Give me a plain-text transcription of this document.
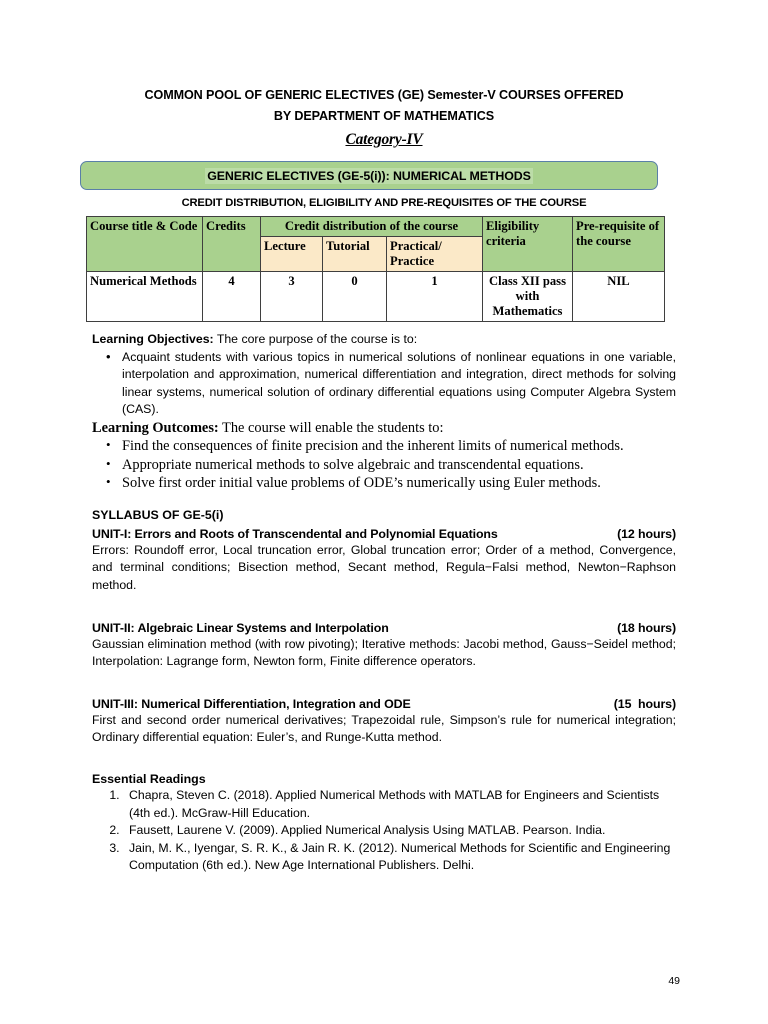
COMMON POOL OF GENERIC ELECTIVES (GE) Semester-V COURSES OFFERED
BY DEPARTMENT OF MATHEMATICS
Category-IV
GENERIC ELECTIVES (GE-5(i)): NUMERICAL METHODS
CREDIT DISTRIBUTION, ELIGIBILITY AND PRE-REQUISITES OF THE COURSE
Course title & Code	Credits	Credit distribution of the course			Eligibility criteria	Pre-requisite of the course
		Lecture	Tutorial	Practical/ Practice		
Numerical Methods	4	3	0	1	Class XII pass with Mathematics	NIL
Learning Objectives: The core purpose of the course is to:
• Acquaint students with various topics in numerical solutions of nonlinear equations in one variable, interpolation and approximation, numerical differentiation and integration, direct methods for solving linear systems, numerical solution of ordinary differential equations using Computer Algebra System (CAS).
Learning Outcomes: The course will enable the students to:
• Find the consequences of finite precision and the inherent limits of numerical methods.
• Appropriate numerical methods to solve algebraic and transcendental equations.
• Solve first order initial value problems of ODE’s numerically using Euler methods.
SYLLABUS OF GE-5(i)
UNIT-I: Errors and Roots of Transcendental and Polynomial Equations	(12 hours)
Errors: Roundoff error, Local truncation error, Global truncation error; Order of a method, Convergence, and terminal conditions; Bisection method, Secant method, Regula−Falsi method, Newton−Raphson method.
UNIT-II: Algebraic Linear Systems and Interpolation	(18 hours)
Gaussian elimination method (with row pivoting); Iterative methods: Jacobi method, Gauss−Seidel method; Interpolation: Lagrange form, Newton form, Finite difference operators.
UNIT-III: Numerical Differentiation, Integration and ODE	(15  hours)
First and second order numerical derivatives; Trapezoidal rule, Simpson’s rule for numerical integration; Ordinary differential equation: Euler’s, and Runge-Kutta method.
Essential Readings
1. Chapra, Steven C. (2018). Applied Numerical Methods with MATLAB for Engineers and Scientists (4th ed.). McGraw-Hill Education.
2. Fausett, Laurene V. (2009). Applied Numerical Analysis Using MATLAB. Pearson. India.
3. Jain, M. K., Iyengar, S. R. K., & Jain R. K. (2012). Numerical Methods for Scientific and Engineering Computation (6th ed.). New Age International Publishers. Delhi.
49
